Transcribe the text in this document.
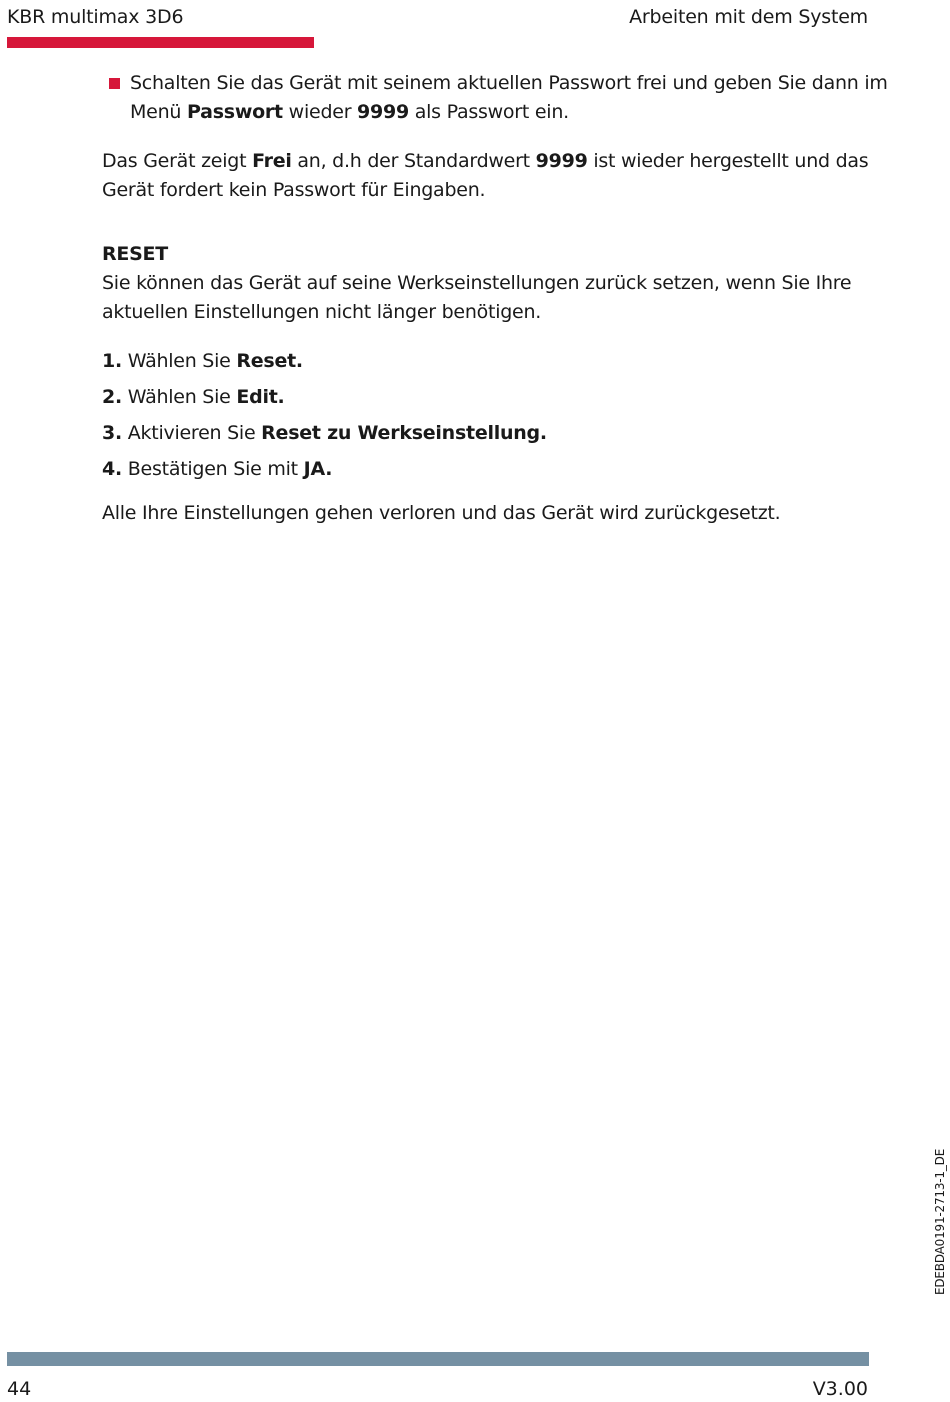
KBR multimax 3D6	Arbeiten mit dem System

Schalten Sie das Gerät mit seinem aktuellen Passwort frei und geben Sie dann im Menü Passwort wieder 9999 als Passwort ein.

Das Gerät zeigt Frei an, d.h der Standardwert 9999 ist wieder hergestellt und das Gerät fordert kein Passwort für Eingaben.

RESET

Sie können das Gerät auf seine Werkseinstellungen zurück setzen, wenn Sie Ihre aktuellen Einstellungen nicht länger benötigen.

1. Wählen Sie Reset.

2. Wählen Sie Edit.

3. Aktivieren Sie Reset zu Werkseinstellung.

4. Bestätigen Sie mit JA.

Alle Ihre Einstellungen gehen verloren und das Gerät wird zurückgesetzt.

EDEBDA0191-2713-1_DE
44	V3.00
